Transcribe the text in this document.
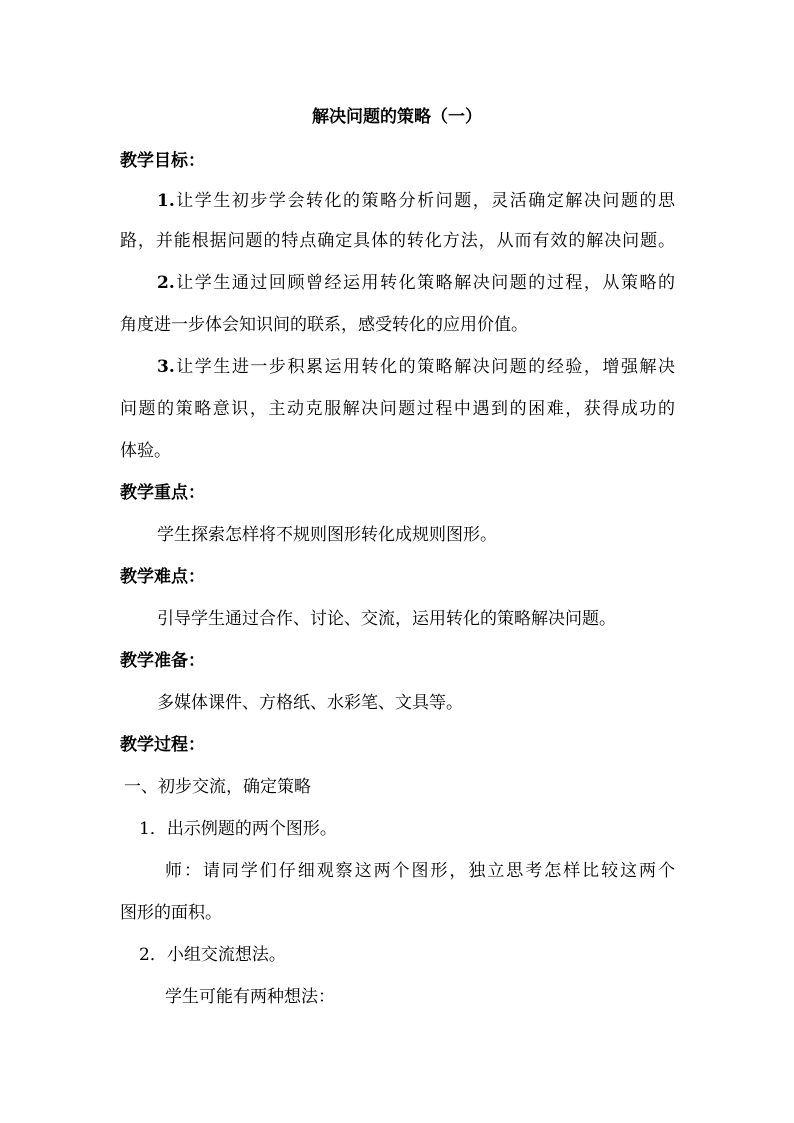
解决问题的策略（一）
教学目标：
1.让学生初步学会转化的策略分析问题，灵活确定解决问题的思
路，并能根据问题的特点确定具体的转化方法，从而有效的解决问题。
2.让学生通过回顾曾经运用转化策略解决问题的过程，从策略的
角度进一步体会知识间的联系，感受转化的应用价值。
3.让学生进一步积累运用转化的策略解决问题的经验，增强解决
问题的策略意识，主动克服解决问题过程中遇到的困难，获得成功的
体验。
教学重点：
学生探索怎样将不规则图形转化成规则图形。
教学难点：
引导学生通过合作、讨论、交流，运用转化的策略解决问题。
教学准备：
多媒体课件、方格纸、水彩笔、文具等。
教学过程：
一、初步交流，确定策略
1．出示例题的两个图形。
师：请同学们仔细观察这两个图形，独立思考怎样比较这两个
图形的面积。
2．小组交流想法。
学生可能有两种想法：
